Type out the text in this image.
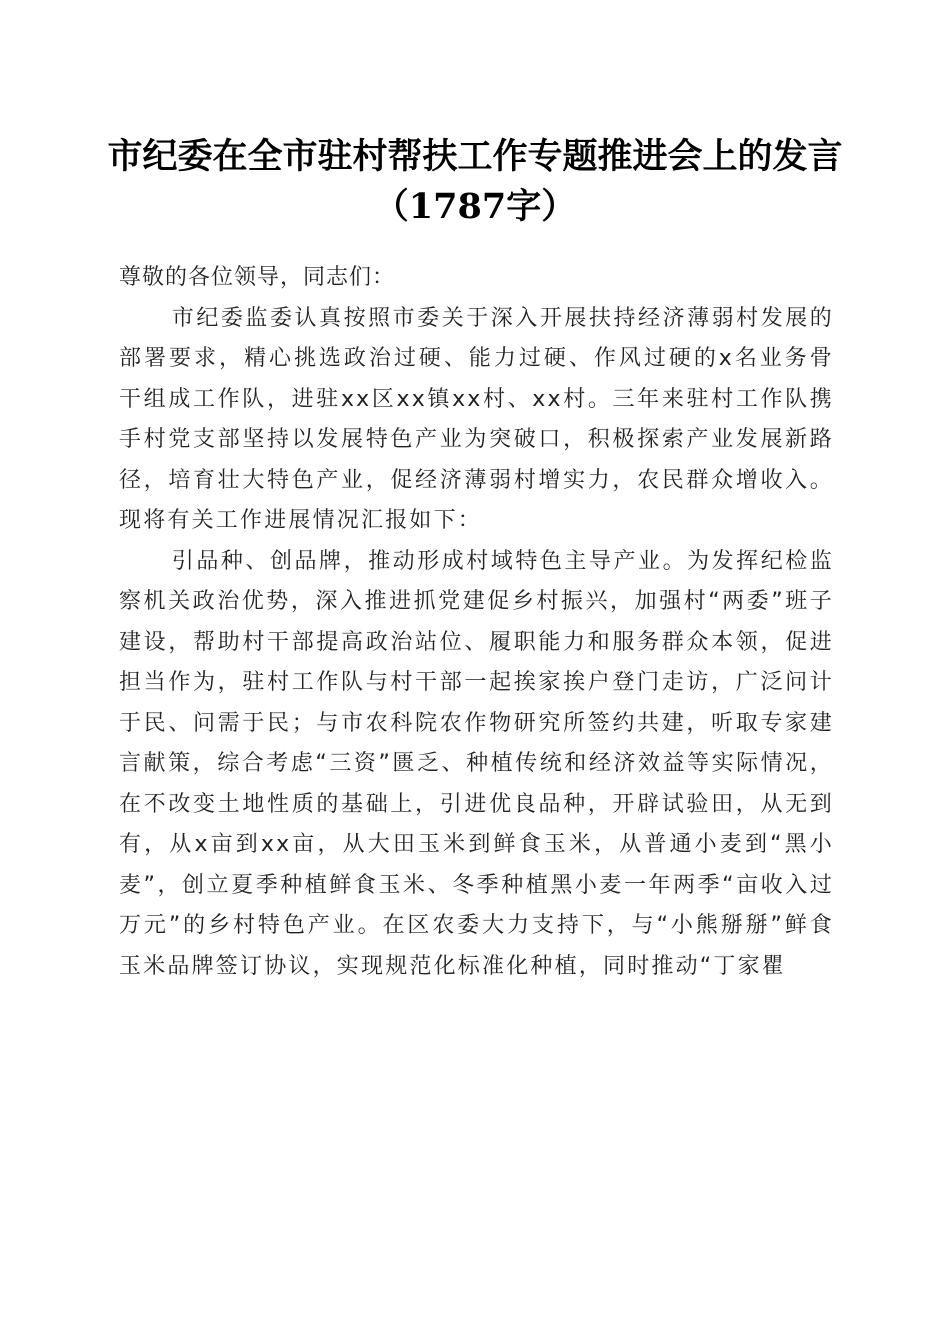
市纪委在全市驻村帮扶工作专题推进会上的发言（1787字）

尊敬的各位领导，同志们：

市纪委监委认真按照市委关于深入开展扶持经济薄弱村发展的部署要求，精心挑选政治过硬、能力过硬、作风过硬的x名业务骨干组成工作队，进驻xx区xx镇xx村、xx村。三年来驻村工作队携手村党支部坚持以发展特色产业为突破口，积极探索产业发展新路径，培育壮大特色产业，促经济薄弱村增实力，农民群众增收入。现将有关工作进展情况汇报如下：

引品种、创品牌，推动形成村域特色主导产业。为发挥纪检监察机关政治优势，深入推进抓党建促乡村振兴，加强村“两委”班子建设，帮助村干部提高政治站位、履职能力和服务群众本领，促进担当作为，驻村工作队与村干部一起挨家挨户登门走访，广泛问计于民、问需于民；与市农科院农作物研究所签约共建，听取专家建言献策，综合考虑“三资”匮乏、种植传统和经济效益等实际情况，在不改变土地性质的基础上，引进优良品种，开辟试验田，从无到有，从x亩到xx亩，从大田玉米到鲜食玉米，从普通小麦到“黑小麦”，创立夏季种植鲜食玉米、冬季种植黑小麦一年两季“亩收入过万元”的乡村特色产业。在区农委大力支持下，与“小熊掰掰”鲜食玉米品牌签订协议，实现规范化标准化种植，同时推动“丁家瞿
